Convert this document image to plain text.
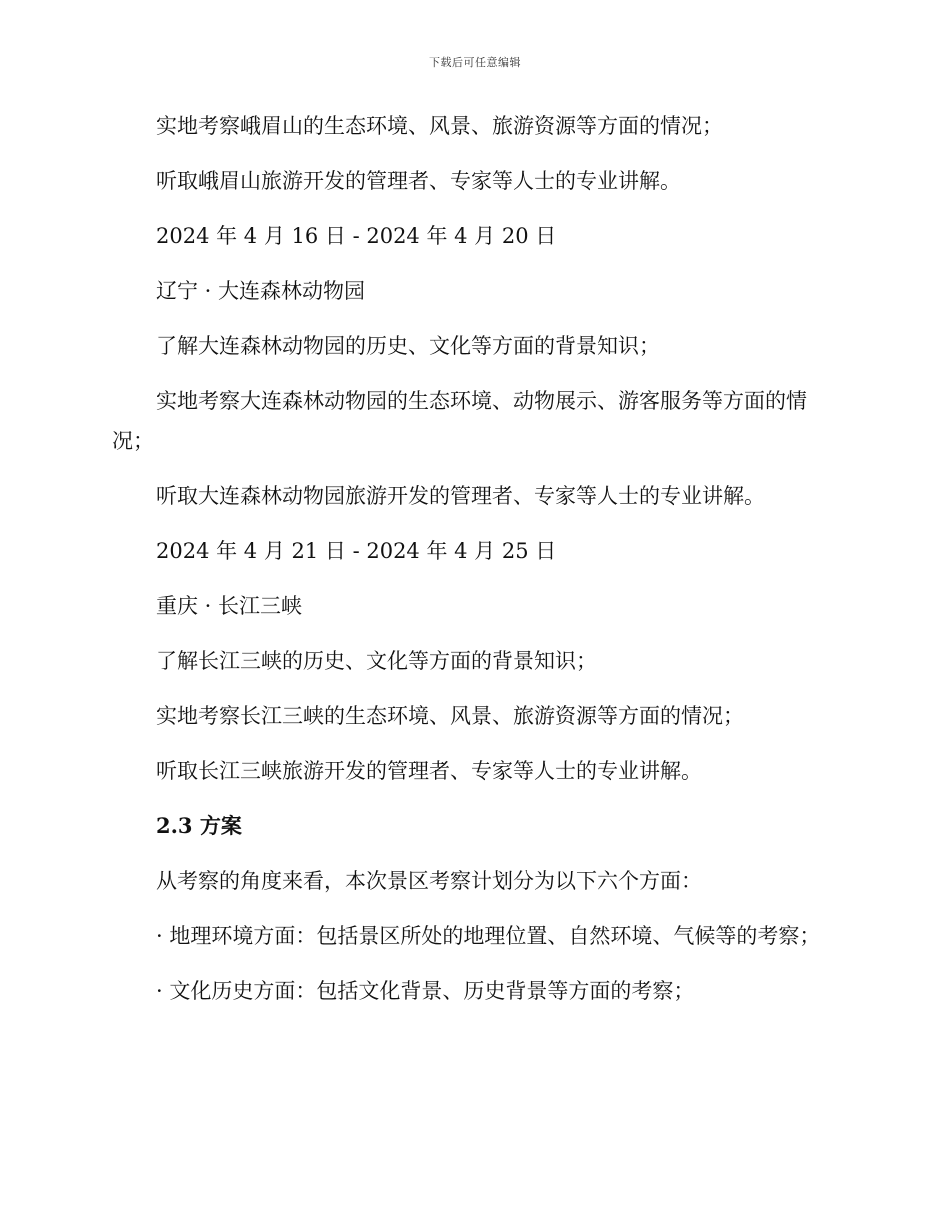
下载后可任意编辑

实地考察峨眉山的生态环境、风景、旅游资源等方面的情况；

听取峨眉山旅游开发的管理者、专家等人士的专业讲解。

2024 年 4 月 16 日 - 2024 年 4 月 20 日

辽宁 · 大连森林动物园

了解大连森林动物园的历史、文化等方面的背景知识；

实地考察大连森林动物园的生态环境、动物展示、游客服务等方面的情况；

听取大连森林动物园旅游开发的管理者、专家等人士的专业讲解。

2024 年 4 月 21 日 - 2024 年 4 月 25 日

重庆 · 长江三峡

了解长江三峡的历史、文化等方面的背景知识；

实地考察长江三峡的生态环境、风景、旅游资源等方面的情况；

听取长江三峡旅游开发的管理者、专家等人士的专业讲解。

2.3 方案

从考察的角度来看，本次景区考察计划分为以下六个方面：

· 地理环境方面：包括景区所处的地理位置、自然环境、气候等的考察；

· 文化历史方面：包括文化背景、历史背景等方面的考察；
